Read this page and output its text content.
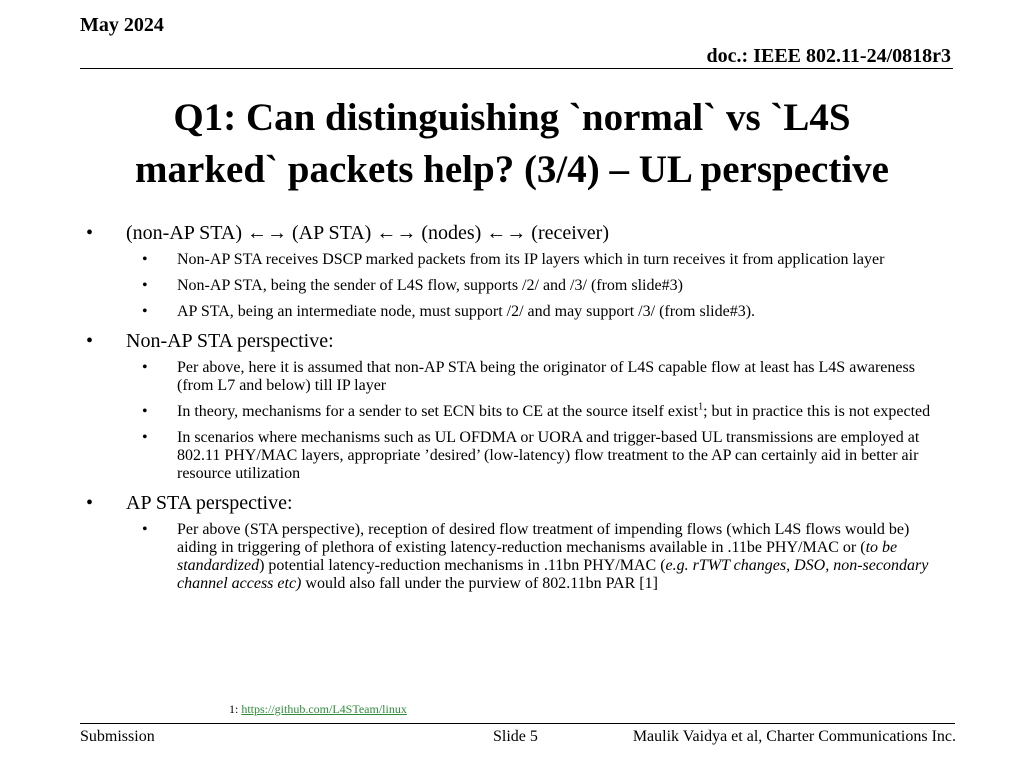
May 2024
doc.: IEEE 802.11-24/0818r3
Q1: Can distinguishing `normal` vs `L4S
marked` packets help? (3/4) – UL perspective
• (non-AP STA) ←→ (AP STA) ←→ (nodes) ←→ (receiver)
• Non-AP STA receives DSCP marked packets from its IP layers which in turn receives it from application layer
• Non-AP STA, being the sender of L4S flow, supports /2/ and /3/ (from slide#3)
• AP STA, being an intermediate node, must support /2/ and may support /3/ (from slide#3).
• Non-AP STA perspective:
• Per above, here it is assumed that non-AP STA being the originator of L4S capable flow at least has L4S awareness (from L7 and below) till IP layer
• In theory, mechanisms for a sender to set ECN bits to CE at the source itself exist$^1$; but in practice this is not expected
• In scenarios where mechanisms such as UL OFDMA or UORA and trigger-based UL transmissions are employed at 802.11 PHY/MAC layers, appropriate ’desired’ (low-latency) flow treatment to the AP can certainly aid in better air resource utilization
• AP STA perspective:
• Per above (STA perspective), reception of desired flow treatment of impending flows (which L4S flows would be) aiding in triggering of plethora of existing latency-reduction mechanisms available in .11be PHY/MAC or (to be standardized) potential latency-reduction mechanisms in .11bn PHY/MAC (e.g. rTWT changes, DSO, non-secondary channel access etc) would also fall under the purview of 802.11bn PAR [1]
1: https://github.com/L4STeam/linux
Submission	Slide 5	Maulik Vaidya et al, Charter Communications Inc.
